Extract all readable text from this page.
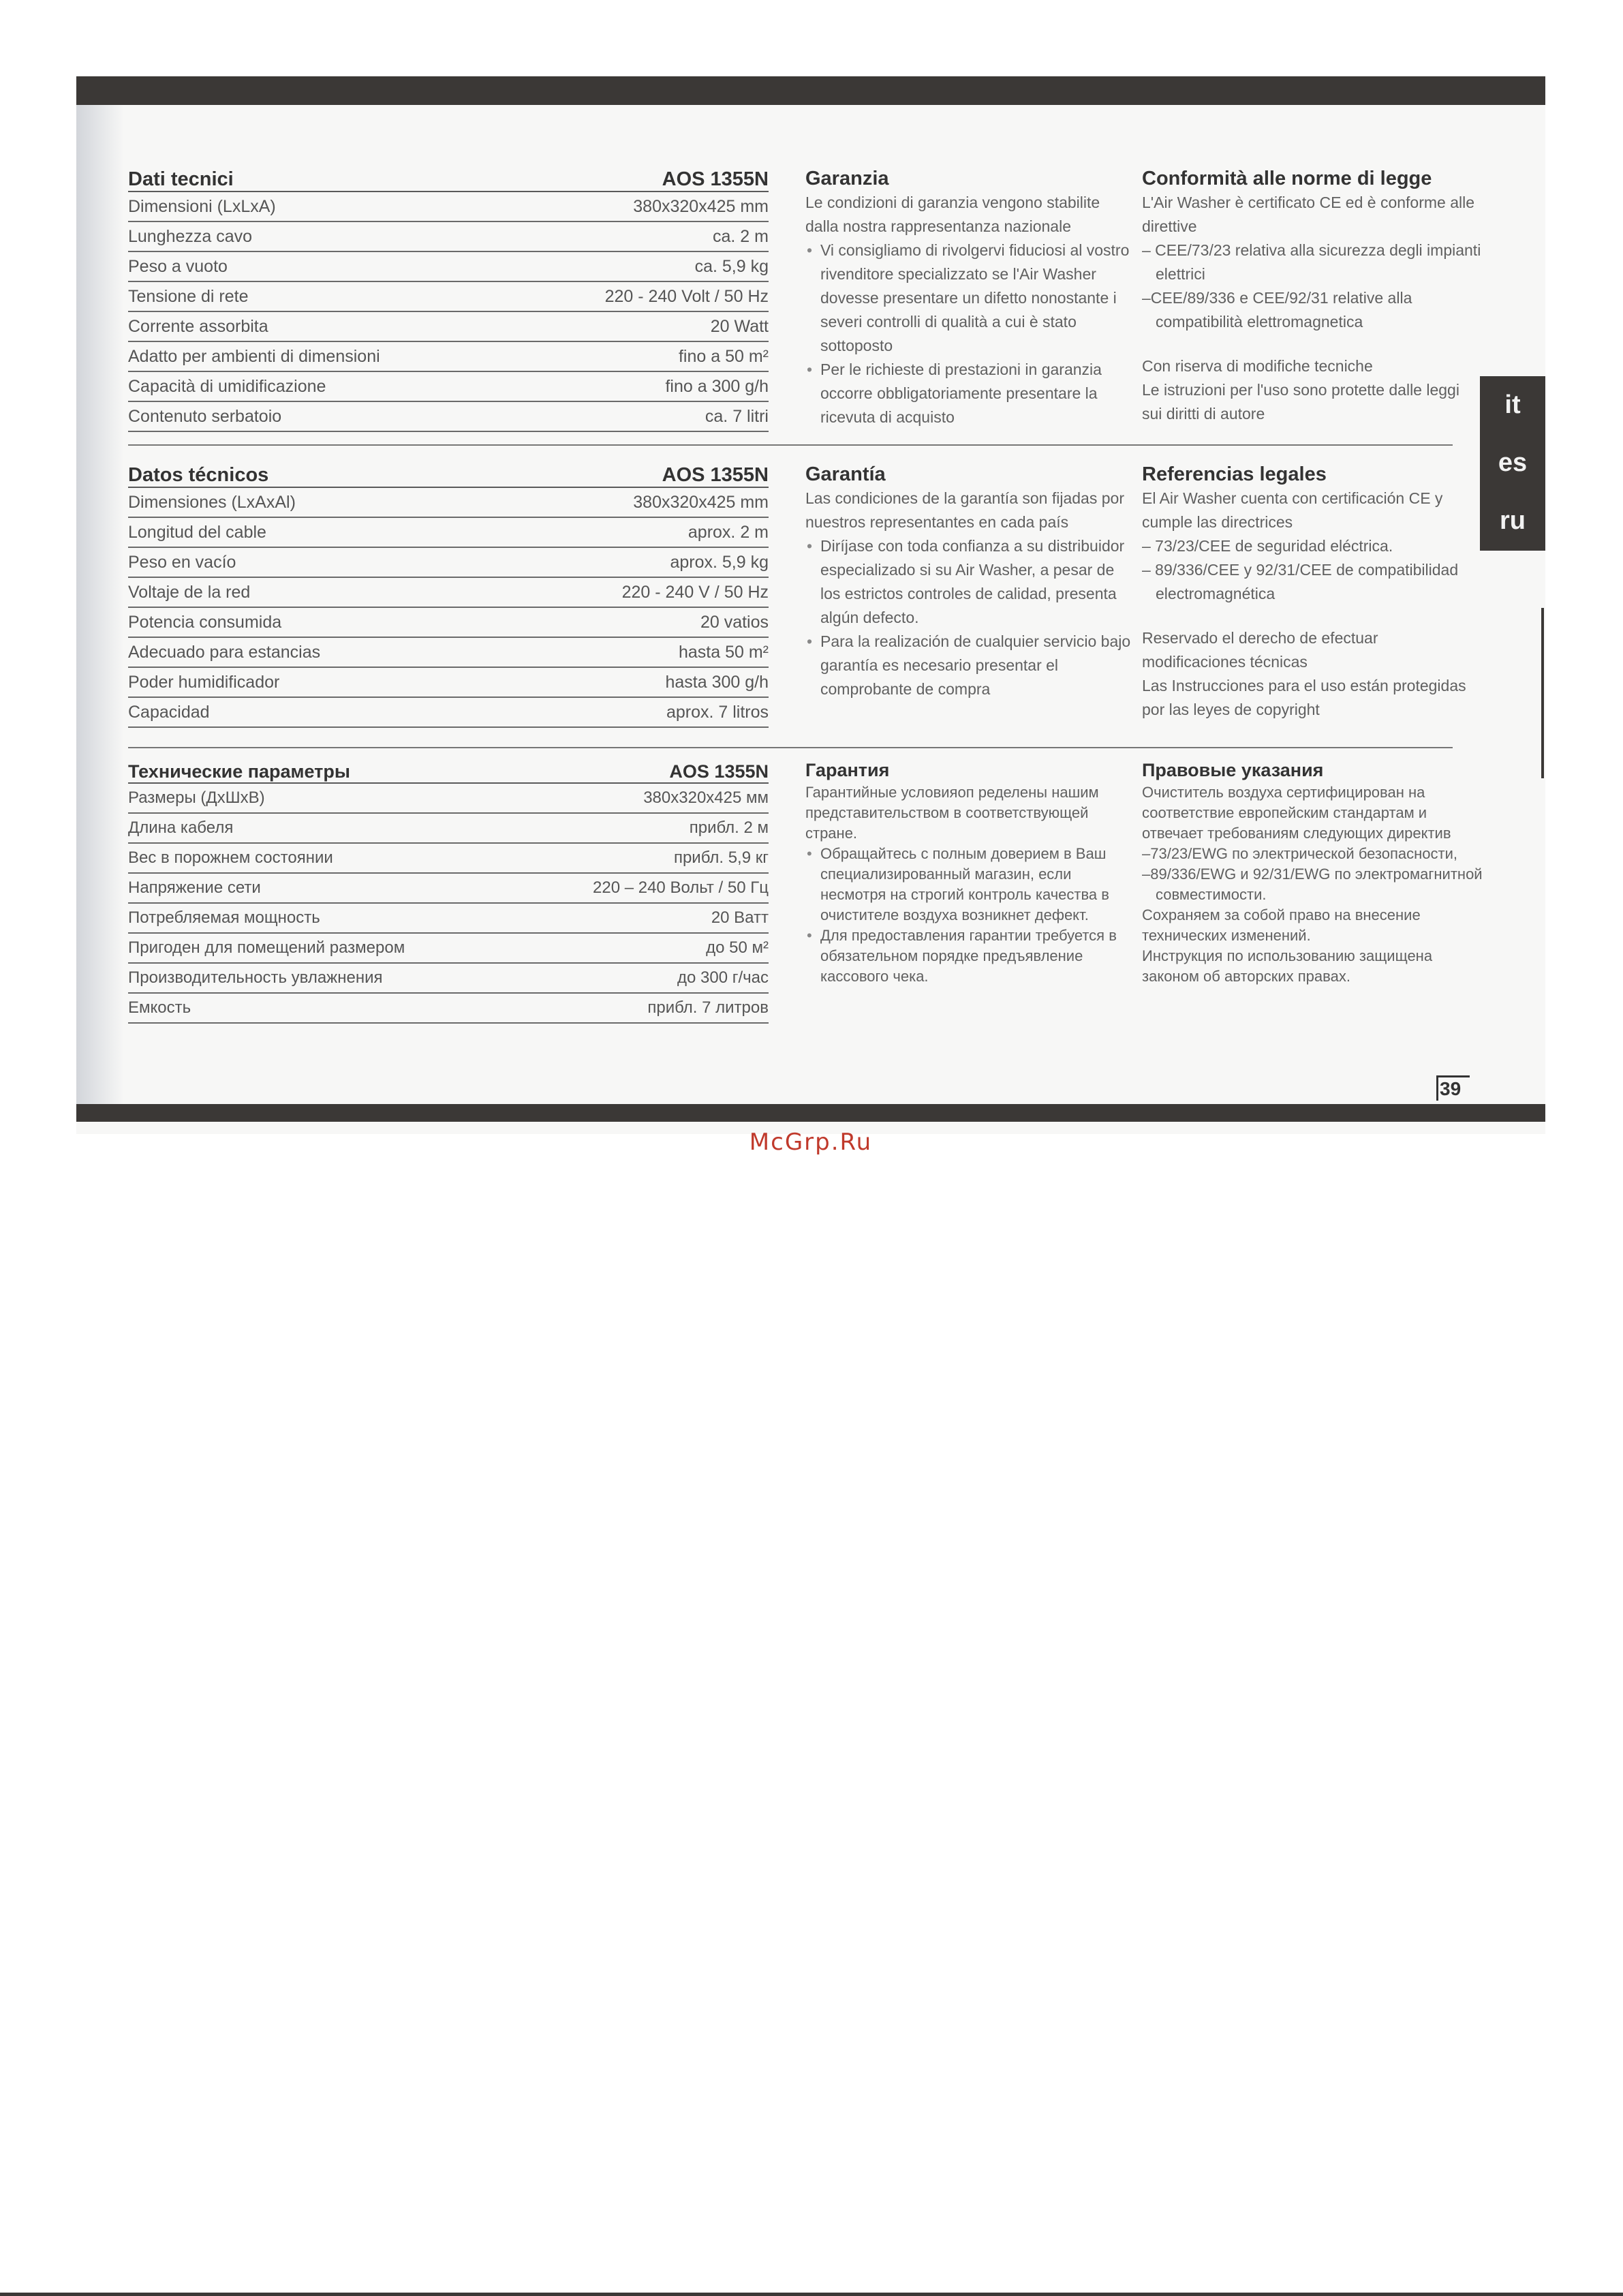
Dati tecnici	AOS 1355N
Dimensioni (LxLxA)	380x320x425 mm
Lunghezza cavo	ca. 2 m
Peso a vuoto	ca. 5,9 kg
Tensione di rete	220 - 240 Volt / 50 Hz
Corrente assorbita	20 Watt
Adatto per ambienti di dimensioni	fino a 50 m²
Capacità di umidificazione	fino a 300 g/h
Contenuto serbatoio	ca. 7 litri
Garanzia

Le condizioni di garanzia vengono stabilite dalla nostra rappresentanza nazionale

• Vi consigliamo di rivolgervi fiduciosi al vostro rivenditore specializzato se l'Air Washer dovesse presentare un difetto nonostante i severi controlli di qualità a cui è stato sottoposto
• Per le richieste di prestazioni in garanzia occorre obbligatoriamente presentare la ricevuta di acquisto
Conformità alle norme di legge

L'Air Washer è certificato CE ed è conforme alle direttive

– CEE/73/23 relativa alla sicurezza degli impianti elettrici

–CEE/89/336 e CEE/92/31 relative alla compatibilità elettromagnetica

Con riserva di modifiche tecniche
Le istruzioni per l'uso sono protette dalle leggi sui diritti di autore

Datos técnicos	AOS 1355N
Dimensiones (LxAxAl)	380x320x425 mm
Longitud del cable	aprox. 2 m
Peso en vacío	aprox. 5,9 kg
Voltaje de la red	220 - 240 V / 50 Hz
Potencia consumida	20 vatios
Adecuado para estancias	hasta 50 m²
Poder humidificador	hasta 300 g/h
Capacidad	aprox. 7 litros
Garantía

Las condiciones de la garantía son fijadas por nuestros representantes en cada país

• Diríjase con toda confianza a su distribuidor especializado si su Air Washer, a pesar de los estrictos controles de calidad, presenta algún defecto.
• Para la realización de cualquier servicio bajo garantía es necesario presentar el comprobante de compra
Referencias legales

El Air Washer cuenta con certificación CE y cumple las directrices

– 73/23/CEE de seguridad eléctrica.

– 89/336/CEE y 92/31/CEE de compatibilidad electromagnética

Reservado el derecho de efectuar modificaciones técnicas
Las Instrucciones para el uso están protegidas por las leyes de copyright

Технические параметры	AOS 1355N
Размеры (ДхШхВ)	380x320x425 мм
Длина кабеля	прибл. 2 м
Вес в порожнем состоянии	прибл. 5,9 кг
Напряжение сети	220 – 240 Вольт / 50 Гц
Потребляемая мощность	20 Ватт
Пригоден для помещений размером	до 50 м²
Производительность увлажнения	до 300 г/час
Емкость	прибл. 7 литров
Гарантия

Гарантийные условияоп ределены нашим представительством в соответствующей стране.

• Обращайтесь с полным доверием в Ваш специализированный магазин, если несмотря на строгий контроль качества в очистителе воздуха возникнет дефект.
• Для предоставления гарантии требуется в обязательном порядке предъявление кассового чека.
Правовые указания

Очиститель воздуха сертифицирован на соответствие европейским стандартам и отвечает требованиям следующих директив

–73/23/EWG по электрической безопасности,

–89/336/EWG и 92/31/EWG по электромагнитной совместимости.

Сохраняем за собой право на внесение технических изменений.
Инструкция по использованию защищена законом об авторских правах.

it
es
ru
39
McGrp.Ru
